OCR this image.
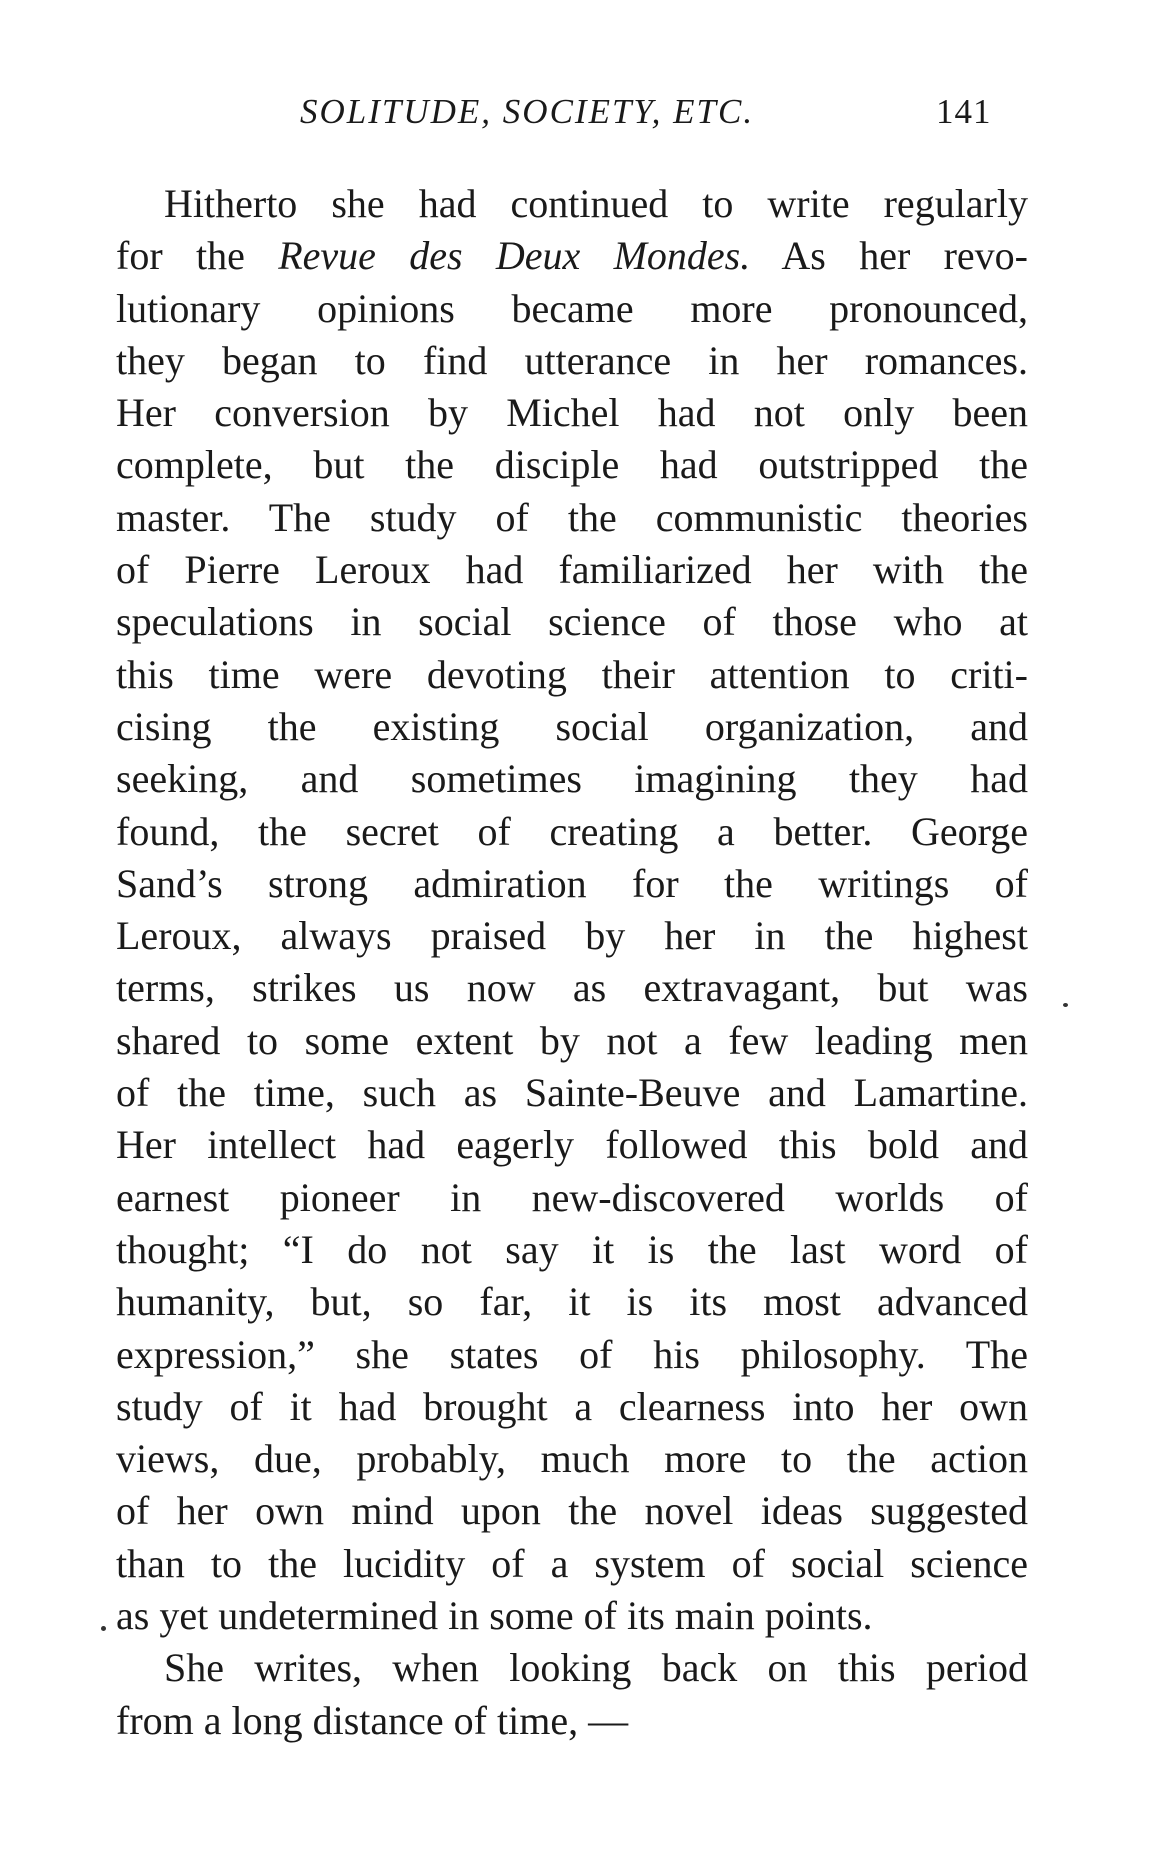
SOLITUDE, SOCIETY, ETC.	141
Hitherto she had continued to write regularly
for the Revue des Deux Mondes. As her revo-
lutionary opinions became more pronounced,
they began to find utterance in her romances.
Her conversion by Michel had not only been
complete, but the disciple had outstripped the
master. The study of the communistic theories
of Pierre Leroux had familiarized her with the
speculations in social science of those who at
this time were devoting their attention to criti-
cising the existing social organization, and
seeking, and sometimes imagining they had
found, the secret of creating a better. George
Sand’s strong admiration for the writings of
Leroux, always praised by her in the highest
terms, strikes us now as extravagant, but was
shared to some extent by not a few leading men
of the time, such as Sainte-Beuve and Lamartine.
Her intellect had eagerly followed this bold and
earnest pioneer in new-discovered worlds of
thought; “I do not say it is the last word of
humanity, but, so far, it is its most advanced
expression,” she states of his philosophy. The
study of it had brought a clearness into her own
views, due, probably, much more to the action
of her own mind upon the novel ideas suggested
than to the lucidity of a system of social science
as yet undetermined in some of its main points.
She writes, when looking back on this period
from a long distance of time, —
